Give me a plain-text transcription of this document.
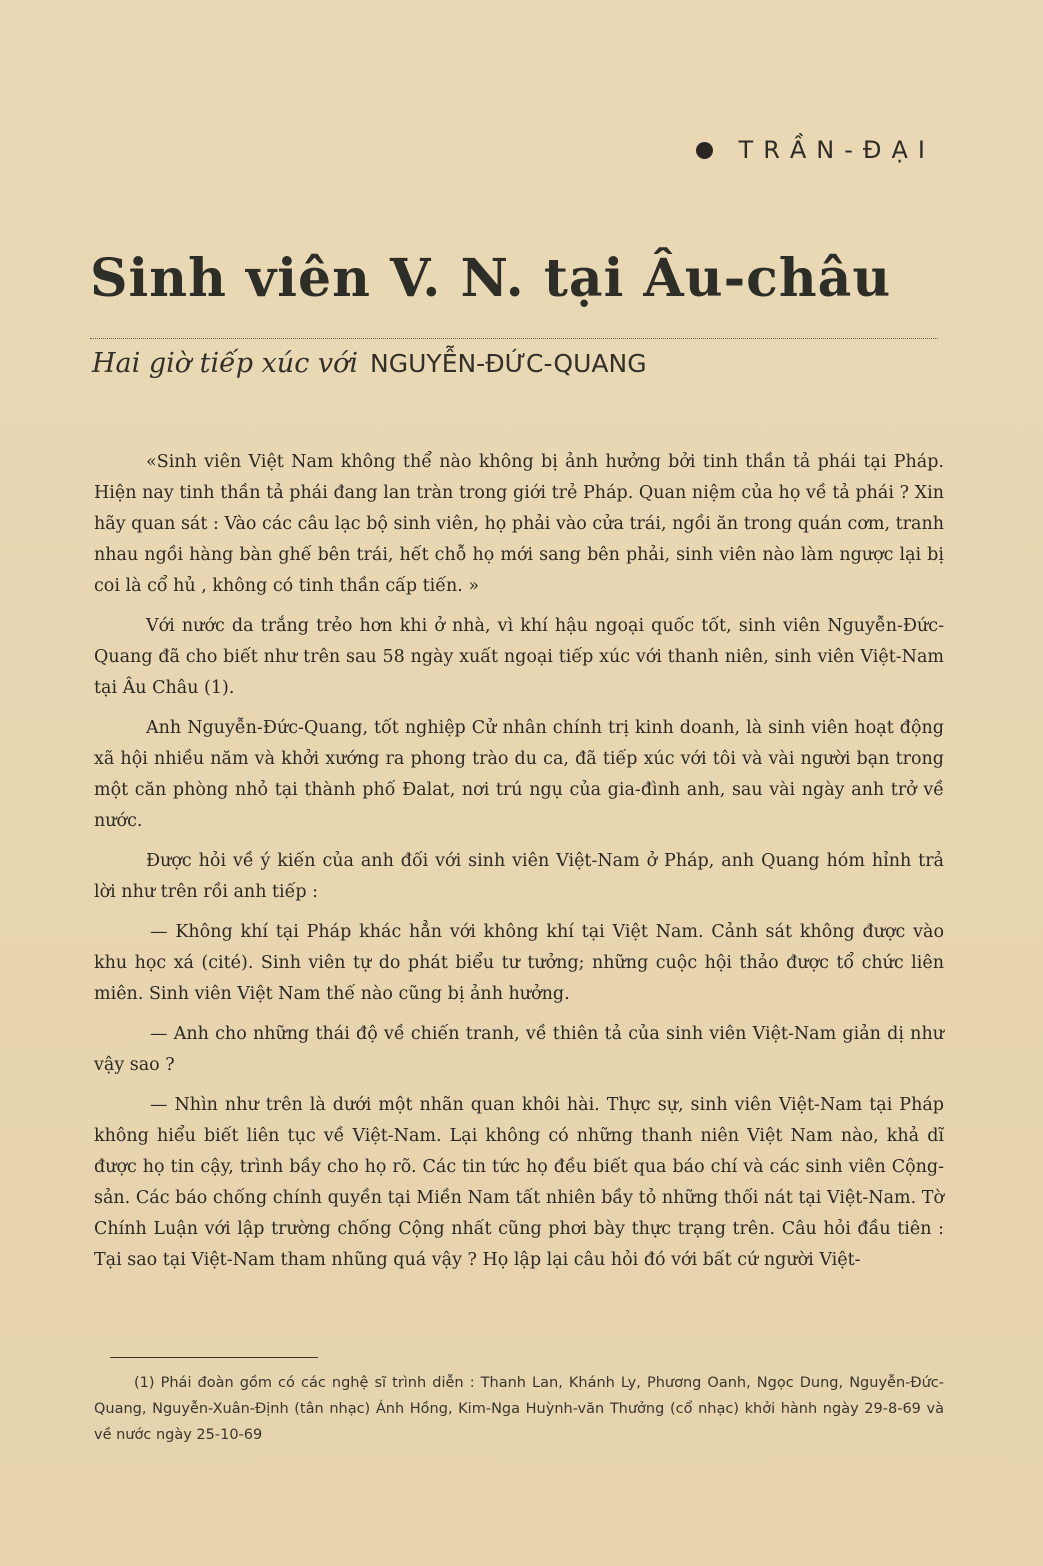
TRẦN-ĐẠI
Sinh viên V. N. tại Âu-châu
Hai giờ tiếp xúc với NGUYỄN-ĐỨC-QUANG

«Sinh viên Việt Nam không thể nào không bị ảnh hưởng bởi tinh thần tả phái tại Pháp. Hiện nay tinh thần tả phái đang lan tràn trong giới trẻ Pháp. Quan niệm của họ về tả phái ? Xin hãy quan sát : Vào các câu lạc bộ sinh viên, họ phải vào cửa trái, ngồi ăn trong quán cơm, tranh nhau ngồi hàng bàn ghế bên trái, hết chỗ họ mới sang bên phải, sinh viên nào làm ngược lại bị coi là cổ hủ , không có tinh thần cấp tiến. »

Với nước da trắng trẻo hơn khi ở nhà, vì khí hậu ngoại quốc tốt, sinh viên Nguyễn-Đức-Quang đã cho biết như trên sau 58 ngày xuất ngoại tiếp xúc với thanh niên, sinh viên Việt-Nam tại Âu Châu (1).

Anh Nguyễn-Đức-Quang, tốt nghiệp Cử nhân chính trị kinh doanh, là sinh viên hoạt động xã hội nhiều năm và khởi xướng ra phong trào du ca, đã tiếp xúc với tôi và vài người bạn trong một căn phòng nhỏ tại thành phố Đalat, nơi trú ngụ của gia-đình anh, sau vài ngày anh trở về nước.

Được hỏi về ý kiến của anh đối với sinh viên Việt-Nam ở Pháp, anh Quang hóm hỉnh trả lời như trên rồi anh tiếp :

— Không khí tại Pháp khác hẳn với không khí tại Việt Nam. Cảnh sát không được vào khu học xá (cité). Sinh viên tự do phát biểu tư tưởng; những cuộc hội thảo được tổ chức liên miên. Sinh viên Việt Nam thế nào cũng bị ảnh hưởng.

— Anh cho những thái độ về chiến tranh, về thiên tả của sinh viên Việt-Nam giản dị như vậy sao ?

— Nhìn như trên là dưới một nhãn quan khôi hài. Thực sự, sinh viên Việt-Nam tại Pháp không hiểu biết liên tục về Việt-Nam. Lại không có những thanh niên Việt Nam nào, khả dĩ được họ tin cậy, trình bầy cho họ rõ. Các tin tức họ đều biết qua báo chí và các sinh viên Cộng-sản. Các báo chống chính quyền tại Miền Nam tất nhiên bầy tỏ những thối nát tại Việt-Nam. Tờ Chính Luận với lập trường chống Cộng nhất cũng phơi bày thực trạng trên. Câu hỏi đầu tiên : Tại sao tại Việt-Nam tham nhũng quá vậy ? Họ lập lại câu hỏi đó với bất cứ người Việt-

(1) Phái đoàn gồm có các nghệ sĩ trình diễn : Thanh Lan, Khánh Ly, Phương Oanh, Ngọc Dung, Nguyễn-Đức-Quang, Nguyễn-Xuân-Định (tân nhạc) Ánh Hồng, Kim-Nga Huỳnh-văn Thưởng (cổ nhạc) khởi hành ngày 29-8-69 và về nước ngày 25-10-69
